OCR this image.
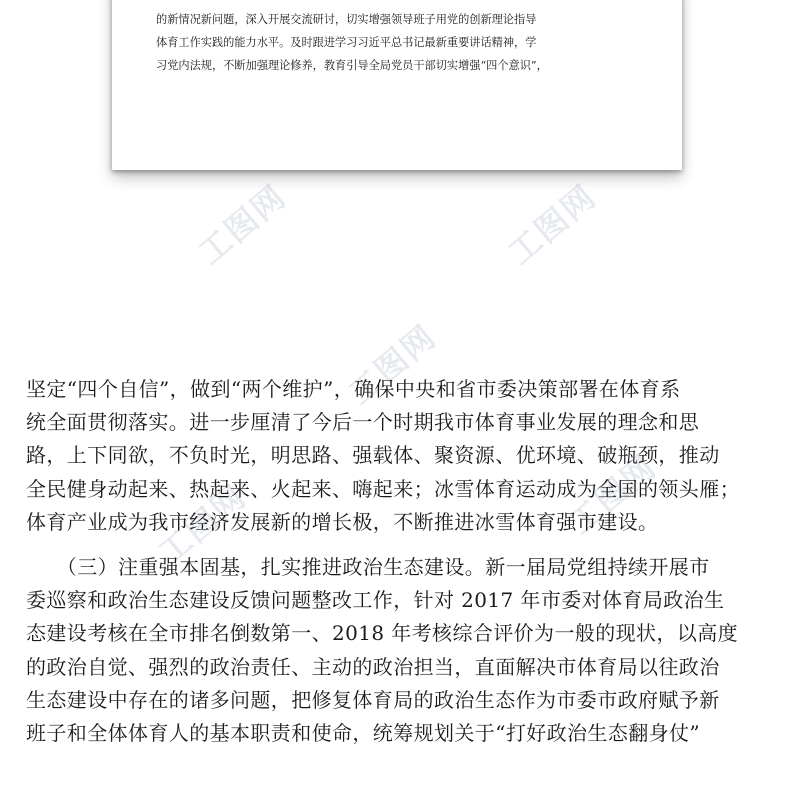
工图网	工图网
工图网
工图网	工图网
的新情况新问题，深入开展交流研讨，切实增强领导班子用党的创新理论指导
体育工作实践的能力水平。及时跟进学习习近平总书记最新重要讲话精神，学
习党内法规，不断加强理论修养，教育引导全局党员干部切实增强“四个意识”，
坚定“四个自信”，做到“两个维护”，确保中央和省市委决策部署在体育系
统全面贯彻落实。进一步厘清了今后一个时期我市体育事业发展的理念和思
路，上下同欲，不负时光，明思路、强载体、聚资源、优环境、破瓶颈，推动
全民健身动起来、热起来、火起来、嗨起来；冰雪体育运动成为全国的领头雁；
体育产业成为我市经济发展新的增长极，不断推进冰雪体育强市建设。
　　（三）注重强本固基，扎实推进政治生态建设。新一届局党组持续开展市
委巡察和政治生态建设反馈问题整改工作，针对 2017 年市委对体育局政治生
态建设考核在全市排名倒数第一、2018 年考核综合评价为一般的现状，以高度
的政治自觉、强烈的政治责任、主动的政治担当，直面解决市体育局以往政治
生态建设中存在的诸多问题，把修复体育局的政治生态作为市委市政府赋予新
班子和全体体育人的基本职责和使命，统筹规划关于“打好政治生态翻身仗”
